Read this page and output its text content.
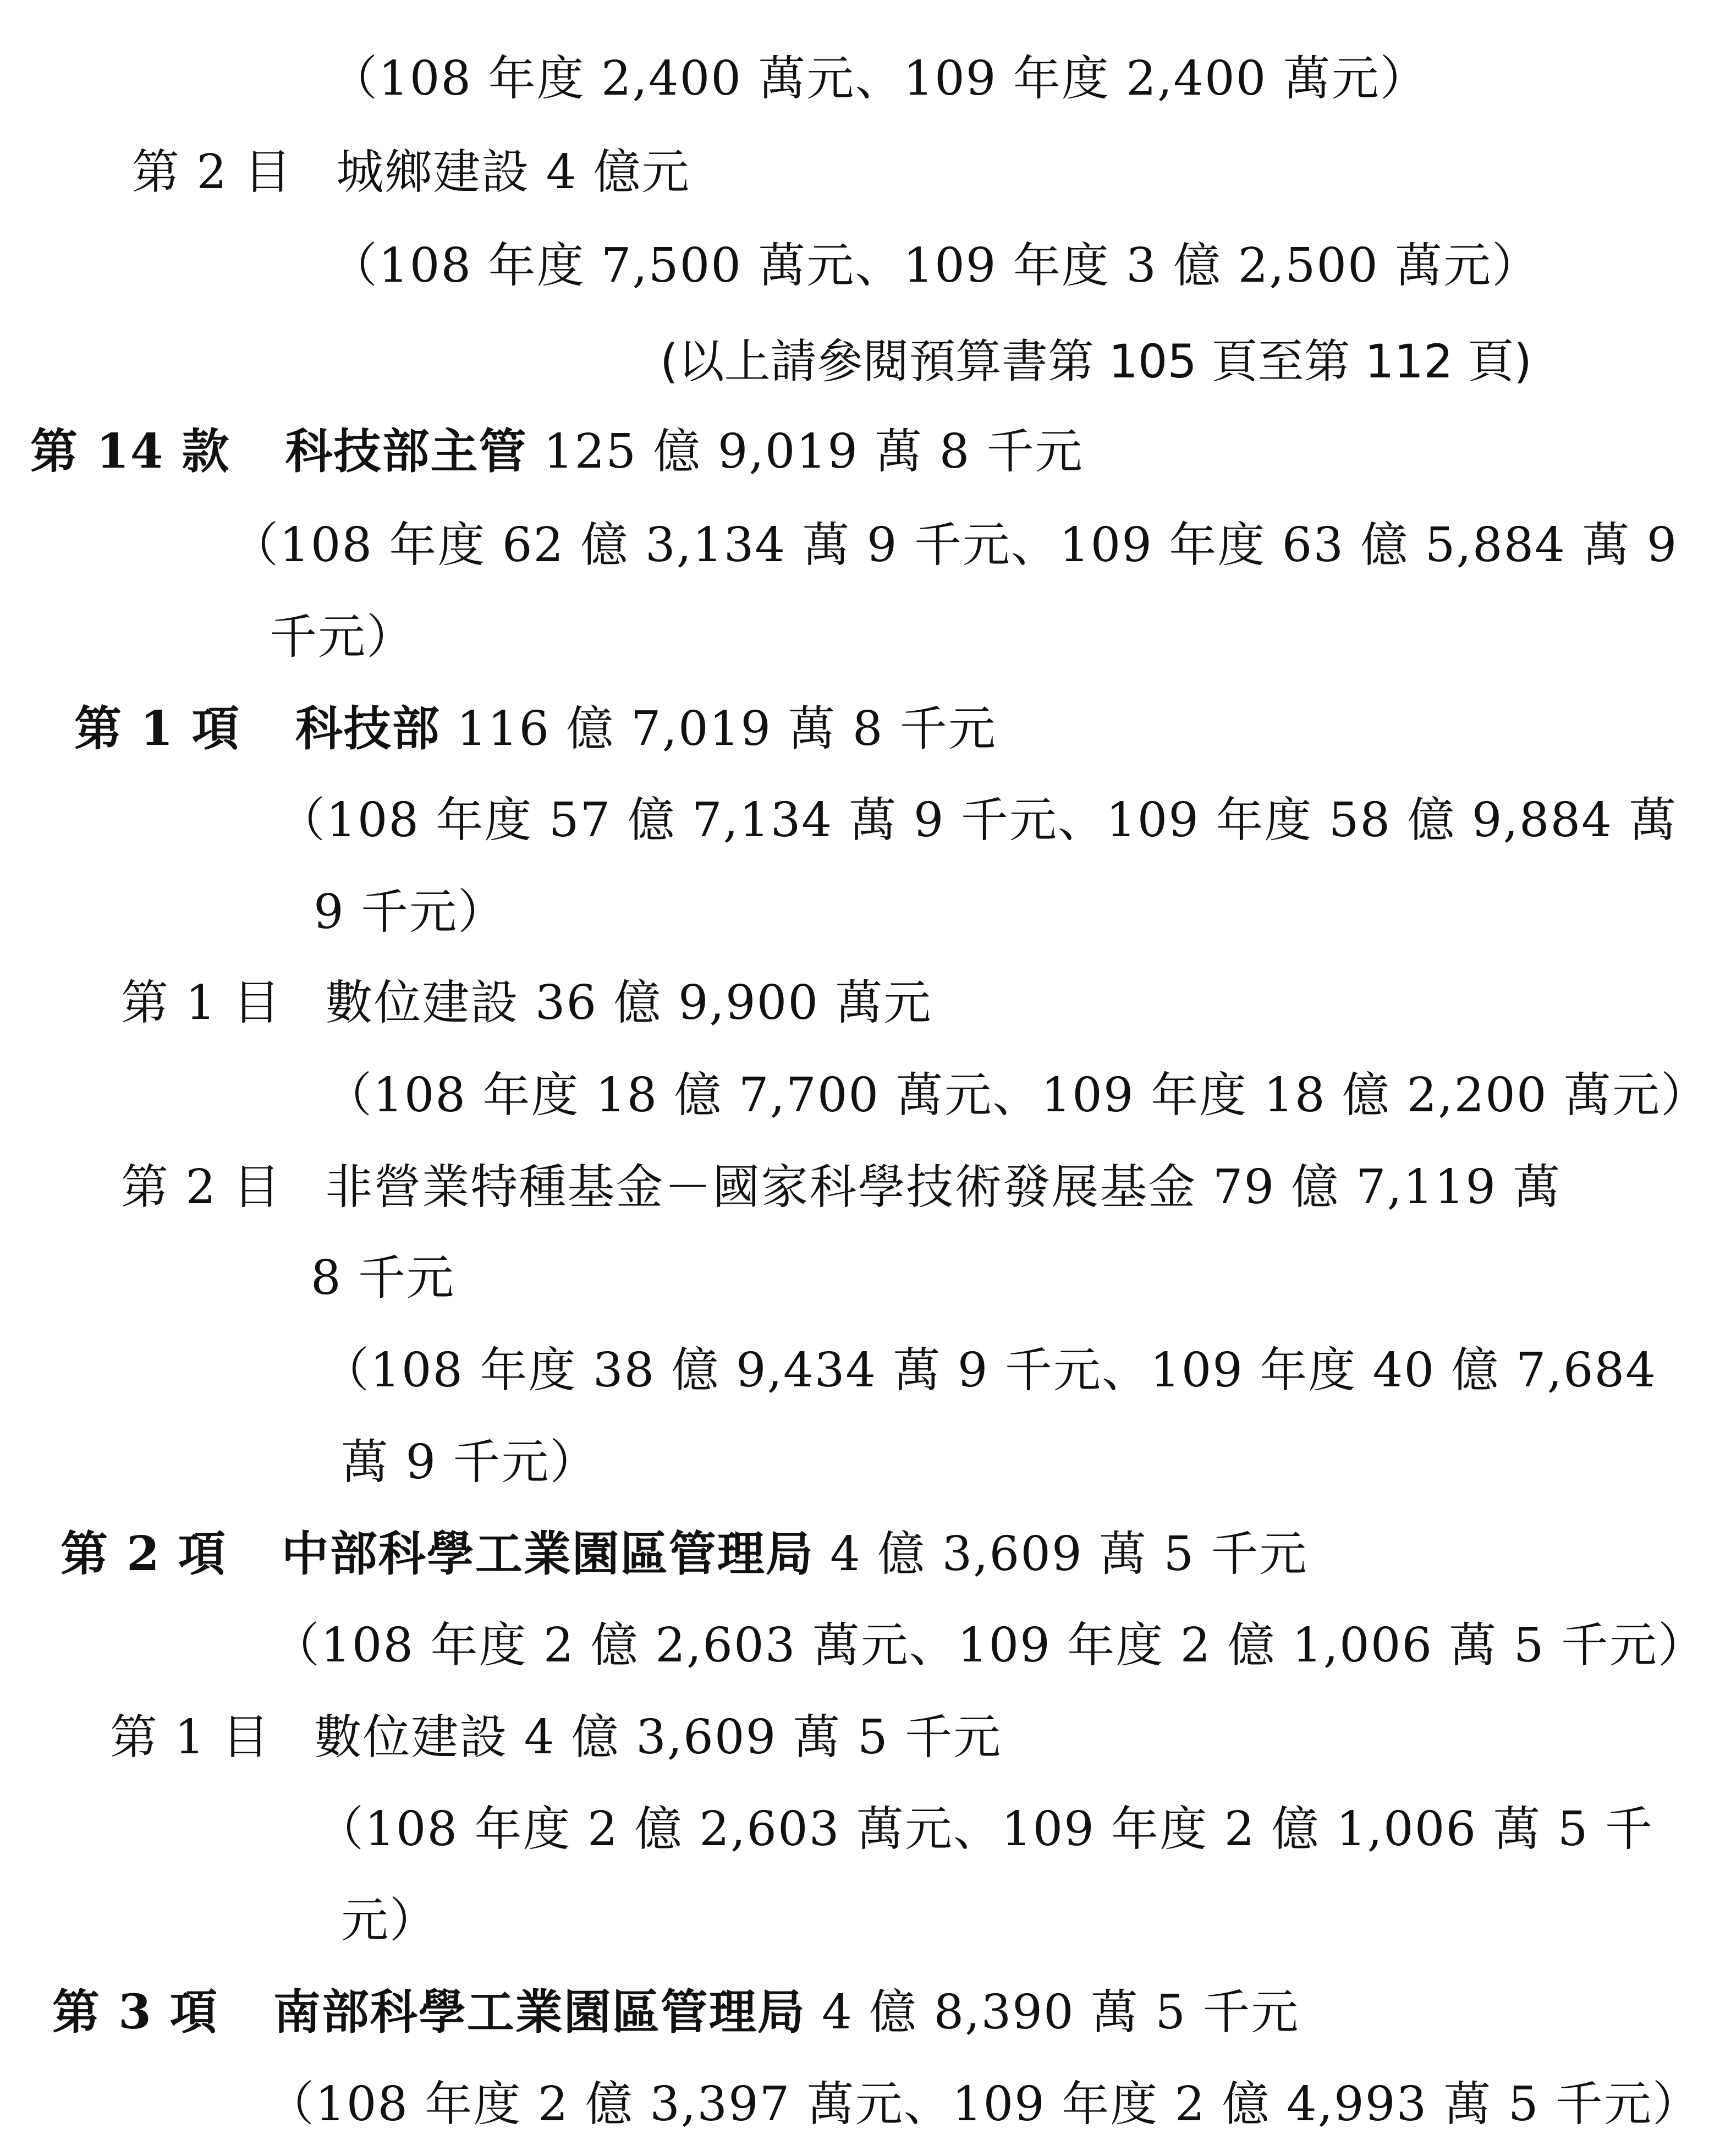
（108 年度 2,400 萬元、109 年度 2,400 萬元）
第 2 目 城鄉建設 4 億元
（108 年度 7,500 萬元、109 年度 3 億 2,500 萬元）
(以上請參閱預算書第 105 頁至第 112 頁)
第 14 款 科技部主管 125 億 9,019 萬 8 千元
（108 年度 62 億 3,134 萬 9 千元、109 年度 63 億 5,884 萬 9
千元）
第 1 項 科技部 116 億 7,019 萬 8 千元
（108 年度 57 億 7,134 萬 9 千元、109 年度 58 億 9,884 萬
9 千元）
第 1 目 數位建設 36 億 9,900 萬元
（108 年度 18 億 7,700 萬元、109 年度 18 億 2,200 萬元）
第 2 目 非營業特種基金－國家科學技術發展基金 79 億 7,119 萬
8 千元
（108 年度 38 億 9,434 萬 9 千元、109 年度 40 億 7,684
萬 9 千元）
第 2 項 中部科學工業園區管理局 4 億 3,609 萬 5 千元
（108 年度 2 億 2,603 萬元、109 年度 2 億 1,006 萬 5 千元）
第 1 目 數位建設 4 億 3,609 萬 5 千元
（108 年度 2 億 2,603 萬元、109 年度 2 億 1,006 萬 5 千
元）
第 3 項 南部科學工業園區管理局 4 億 8,390 萬 5 千元
（108 年度 2 億 3,397 萬元、109 年度 2 億 4,993 萬 5 千元）
